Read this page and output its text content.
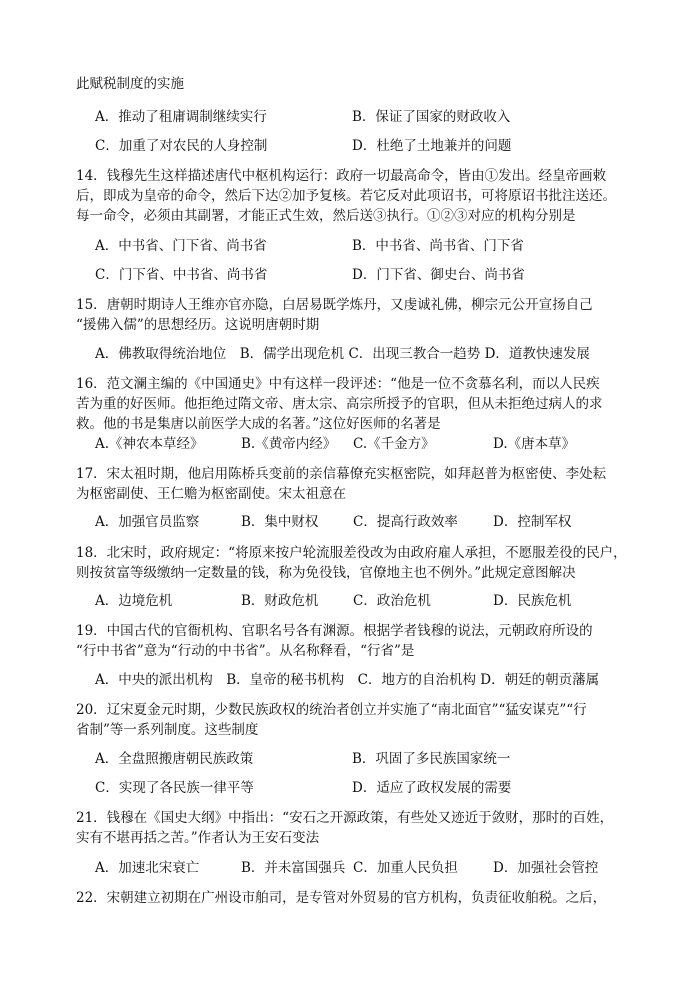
此赋税制度的实施
A．推动了租庸调制继续实行	B．保证了国家的财政收入
C．加重了对农民的人身控制	D．杜绝了土地兼并的问题
14．钱穆先生这样描述唐代中枢机构运行：政府一切最高命令，皆由①发出。经皇帝画敕
后，即成为皇帝的命令，然后下达②加予复核。若它反对此项诏书，可将原诏书批注送还。
每一命令，必须由其副署，才能正式生效，然后送③执行。①②③对应的机构分别是
A．中书省、门下省、尚书省	B．中书省、尚书省、门下省
C．门下省、中书省、尚书省	D．门下省、御史台、尚书省
15．唐朝时期诗人王维亦官亦隐，白居易既学炼丹，又虔诚礼佛，柳宗元公开宣扬自己
“援佛入儒”的思想经历。这说明唐朝时期
A．佛教取得统治地位　B．儒学出现危机 C．出现三教合一趋势 D．道教快速发展
16．范文澜主编的《中国通史》中有这样一段评述：“他是一位不贪慕名利，而以人民疾
苦为重的好医师。他拒绝过隋文帝、唐太宗、高宗所授予的官职，但从未拒绝过病人的求
救。他的书是集唐以前医学大成的名著。”这位好医师的名著是
A.《神农本草经》	B.《黄帝内经》 C.《千金方》	D.《唐本草》
17．宋太祖时期，他启用陈桥兵变前的亲信幕僚充实枢密院，如拜赵普为枢密使、李处耘
为枢密副使、王仁赡为枢密副使。宋太祖意在
A．加强官员监察	B．集中财权	C．提高行政效率	D．控制军权
18．北宋时，政府规定：“将原来按户轮流服差役改为由政府雇人承担，不愿服差役的民户，
则按贫富等级缴纳一定数量的钱，称为免役钱，官僚地主也不例外。”此规定意图解决
A．边境危机	B．财政危机	C．政治危机	D．民族危机
19．中国古代的官衙机构、官职名号各有渊源。根据学者钱穆的说法，元朝政府所设的
“行中书省”意为“行动的中书省”。从名称释看，“行省”是
A．中央的派出机构　B．皇帝的秘书机构　C．地方的自治机构 D．朝廷的朝贡藩属
20．辽宋夏金元时期，少数民族政权的统治者创立并实施了“南北面官”“猛安谋克”“行
省制”等一系列制度。这些制度
A．全盘照搬唐朝民族政策	B．巩固了多民族国家统一
C．实现了各民族一律平等	D．适应了政权发展的需要
21．钱穆在《国史大纲》中指出：“安石之开源政策，有些处又迹近于敛财，那时的百姓，
实有不堪再括之苦。”作者认为王安石变法
A．加速北宋衰亡	B．并未富国强兵 C．加重人民负担	D．加强社会管控
22．宋朝建立初期在广州设市舶司，是专管对外贸易的官方机构，负责征收舶税。之后，
